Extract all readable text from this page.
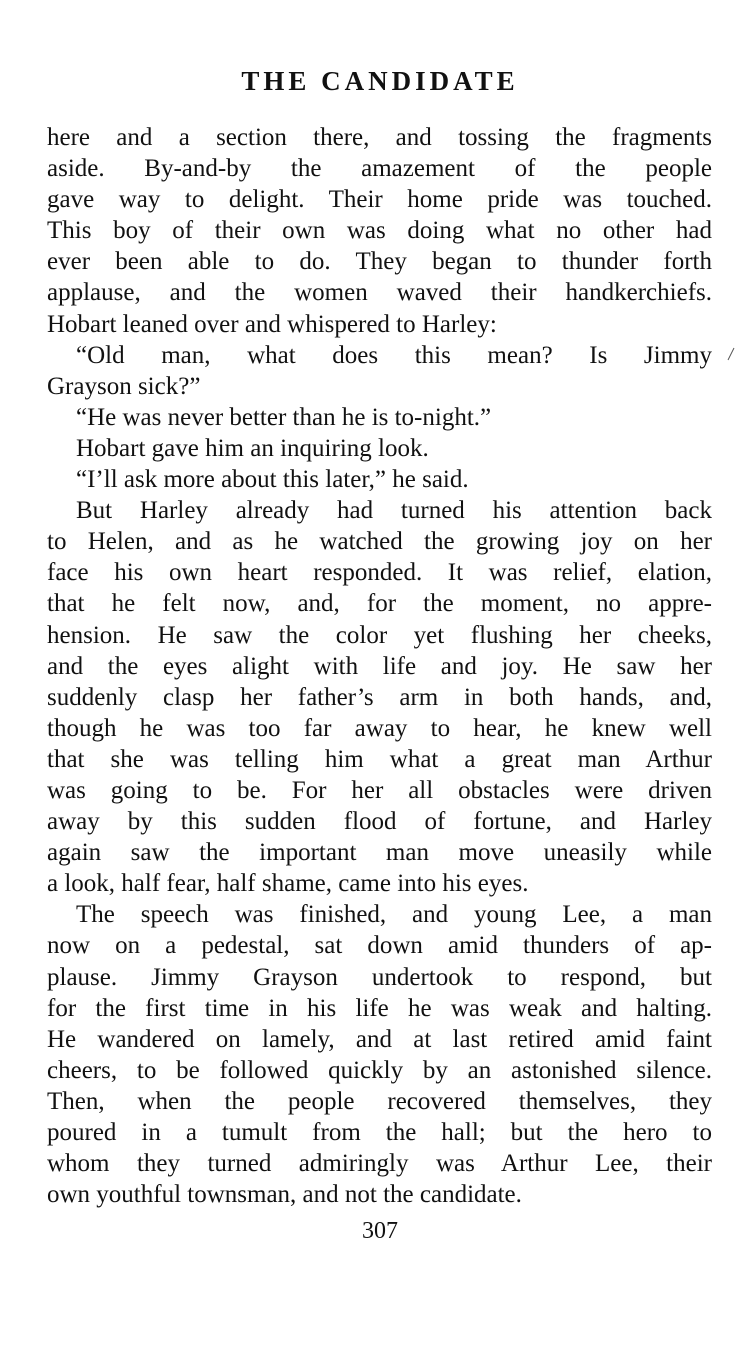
THE CANDIDATE
here and a section there, and tossing the fragments
aside. By-and-by the amazement of the people
gave way to delight. Their home pride was touched.
This boy of their own was doing what no other had
ever been able to do. They began to thunder forth
applause, and the women waved their handkerchiefs.
Hobart leaned over and whispered to Harley:
“Old man, what does this mean? Is Jimmy
Grayson sick?”
“He was never better than he is to-night.”
Hobart gave him an inquiring look.
“I’ll ask more about this later,” he said.
But Harley already had turned his attention back
to Helen, and as he watched the growing joy on her
face his own heart responded. It was relief, elation,
that he felt now, and, for the moment, no appre-
hension. He saw the color yet flushing her cheeks,
and the eyes alight with life and joy. He saw her
suddenly clasp her father’s arm in both hands, and,
though he was too far away to hear, he knew well
that she was telling him what a great man Arthur
was going to be. For her all obstacles were driven
away by this sudden flood of fortune, and Harley
again saw the important man move uneasily while
a look, half fear, half shame, came into his eyes.
The speech was finished, and young Lee, a man
now on a pedestal, sat down amid thunders of ap-
plause. Jimmy Grayson undertook to respond, but
for the first time in his life he was weak and halting.
He wandered on lamely, and at last retired amid faint
cheers, to be followed quickly by an astonished silence.
Then, when the people recovered themselves, they
poured in a tumult from the hall; but the hero to
whom they turned admiringly was Arthur Lee, their
own youthful townsman, and not the candidate.
307
